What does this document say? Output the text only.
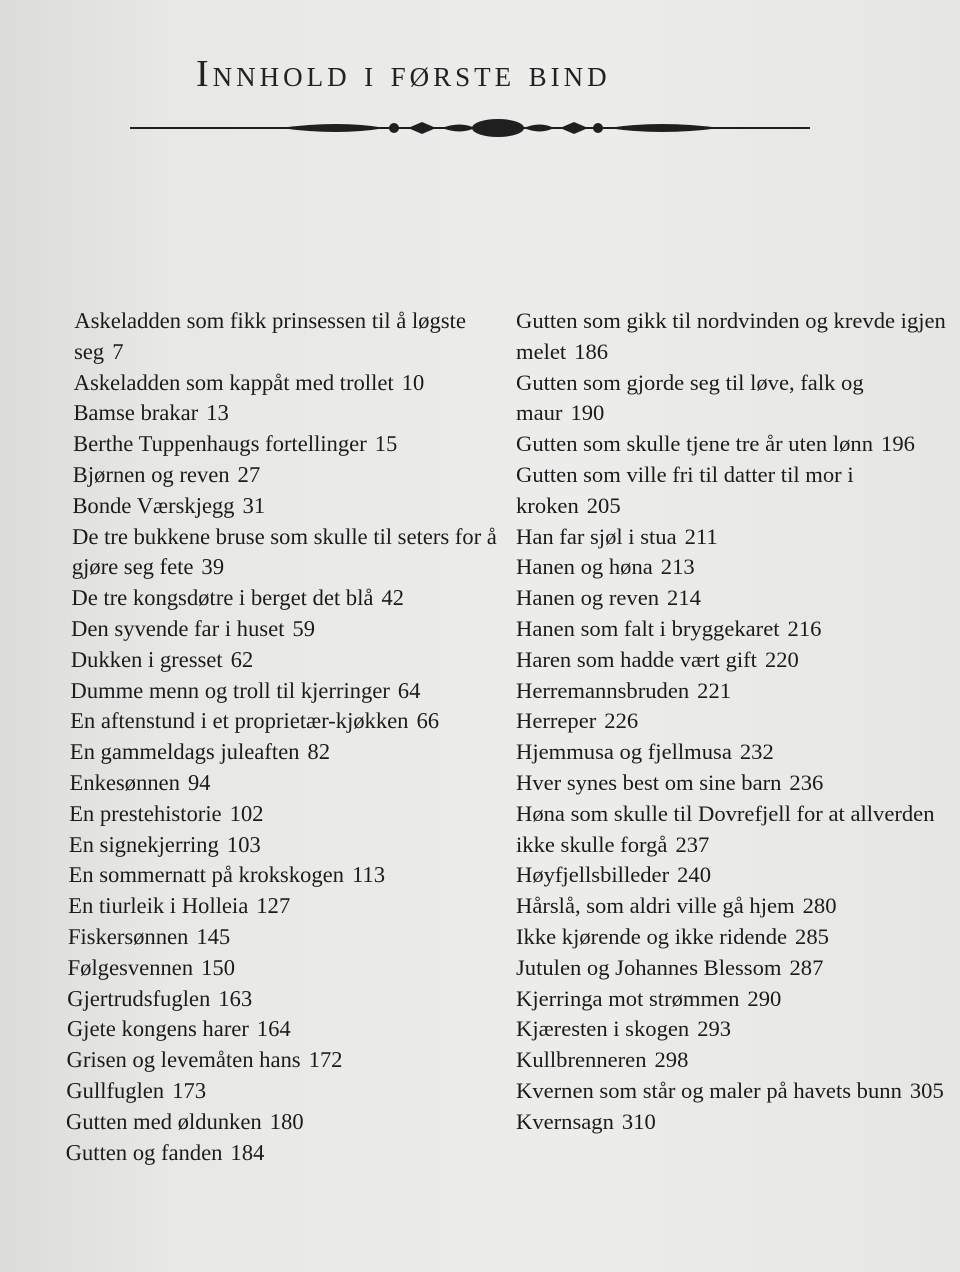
Innhold i første bind

Askeladden som fikk prinsessen til å løgste seg 7

Askeladden som kappåt med trollet 10

Bamse brakar 13

Berthe Tuppenhaugs fortellinger 15

Bjørnen og reven 27

Bonde Værskjegg 31

De tre bukkene bruse som skulle til seters for å gjøre seg fete 39

De tre kongsdøtre i berget det blå 42

Den syvende far i huset 59

Dukken i gresset 62

Dumme menn og troll til kjerringer 64

En aftenstund i et proprietær-kjøkken 66

En gammeldags juleaften 82

Enkesønnen 94

En prestehistorie 102

En signekjerring 103

En sommernatt på krokskogen 113

En tiurleik i Holleia 127

Fiskersønnen 145

Følgesvennen 150

Gjertrudsfuglen 163

Gjete kongens harer 164

Grisen og levemåten hans 172

Gullfuglen 173

Gutten med øldunken 180

Gutten og fanden 184

Gutten som gikk til nordvinden og krevde igjen melet 186

Gutten som gjorde seg til løve, falk og maur 190

Gutten som skulle tjene tre år uten lønn 196

Gutten som ville fri til datter til mor i kroken 205

Han far sjøl i stua 211

Hanen og høna 213

Hanen og reven 214

Hanen som falt i bryggekaret 216

Haren som hadde vært gift 220

Herremannsbruden 221

Herreper 226

Hjemmusa og fjellmusa 232

Hver synes best om sine barn 236

Høna som skulle til Dovrefjell for at allverden ikke skulle forgå 237

Høyfjellsbilleder 240

Hårslå, som aldri ville gå hjem 280

Ikke kjørende og ikke ridende 285

Jutulen og Johannes Blessom 287

Kjerringa mot strømmen 290

Kjæresten i skogen 293

Kullbrenneren 298

Kvernen som står og maler på havets bunn 305

Kvernsagn 310
